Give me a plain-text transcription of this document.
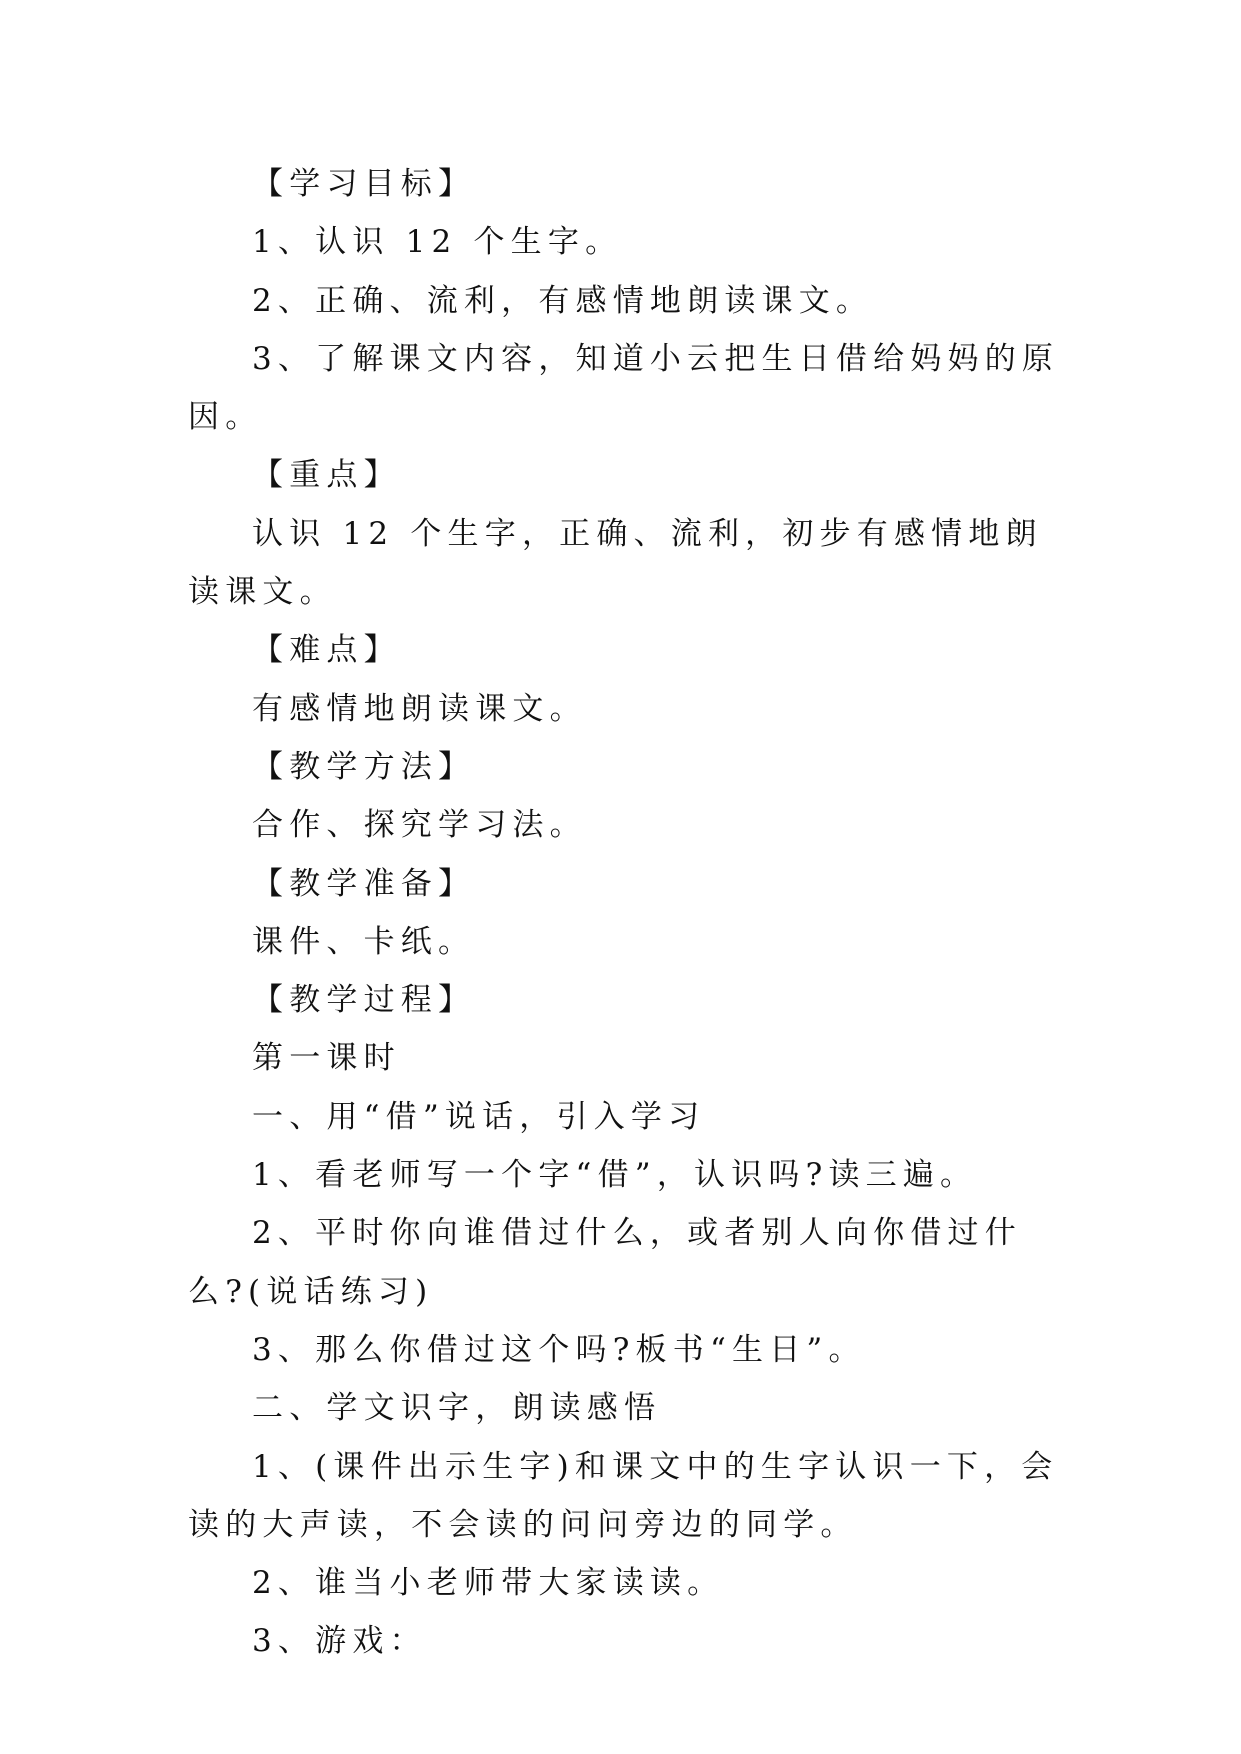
【学习目标】

1、认识 12 个生字。

2、正确、流利，有感情地朗读课文。

3、了解课文内容，知道小云把生日借给妈妈的原因。

【重点】

认识 12 个生字，正确、流利，初步有感情地朗读课文。

【难点】

有感情地朗读课文。

【教学方法】

合作、探究学习法。

【教学准备】

课件、卡纸。

【教学过程】

第一课时

一、用“借”说话，引入学习

1、看老师写一个字“借”，认识吗?读三遍。

2、平时你向谁借过什么，或者别人向你借过什么?(说话练习)

3、那么你借过这个吗?板书“生日”。

二、学文识字，朗读感悟

1、(课件出示生字)和课文中的生字认识一下，会读的大声读，不会读的问问旁边的同学。

2、谁当小老师带大家读读。

3、游戏：
